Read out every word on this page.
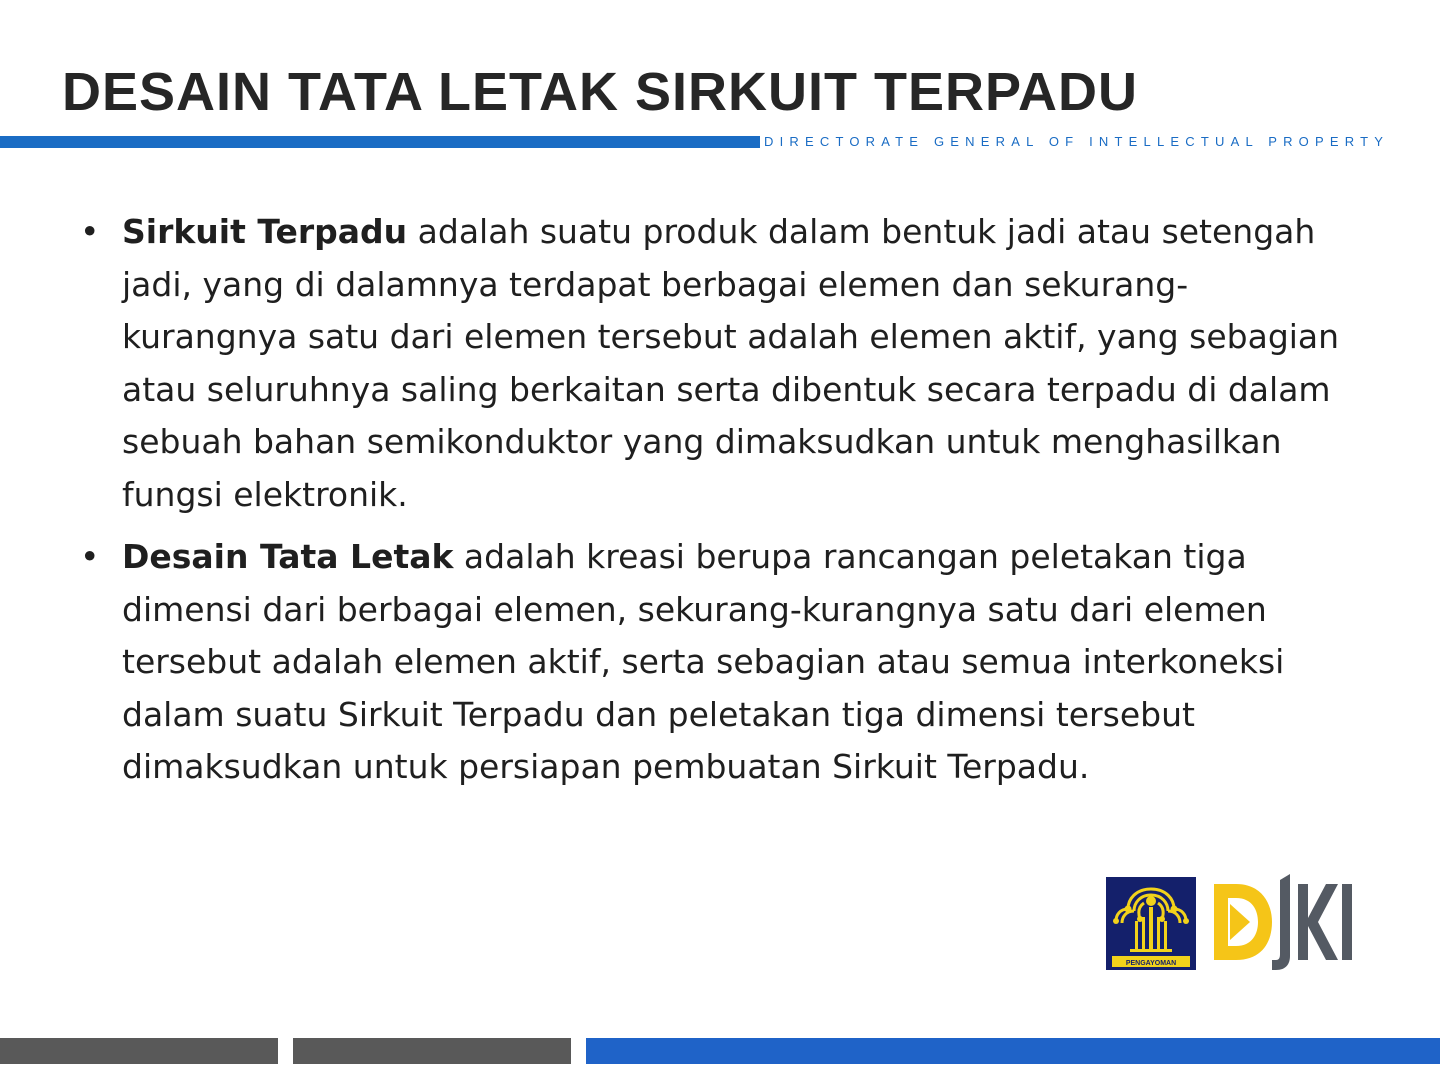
DESAIN TATA LETAK SIRKUIT TERPADU
DIRECTORATE GENERAL OF INTELLECTUAL PROPERTY

• Sirkuit Terpadu adalah suatu produk dalam bentuk jadi atau setengah jadi, yang di dalamnya terdapat berbagai elemen dan sekurang-kurangnya satu dari elemen tersebut adalah elemen aktif, yang sebagian atau seluruhnya saling berkaitan serta dibentuk secara terpadu di dalam sebuah bahan semikonduktor yang dimaksudkan untuk menghasilkan fungsi elektronik.

• Desain Tata Letak adalah kreasi berupa rancangan peletakan tiga dimensi dari berbagai elemen, sekurang-kurangnya satu dari elemen tersebut adalah elemen aktif, serta sebagian atau semua interkoneksi dalam suatu Sirkuit Terpadu dan peletakan tiga dimensi tersebut dimaksudkan untuk persiapan pembuatan Sirkuit Terpadu.

PENGAYOMAN
